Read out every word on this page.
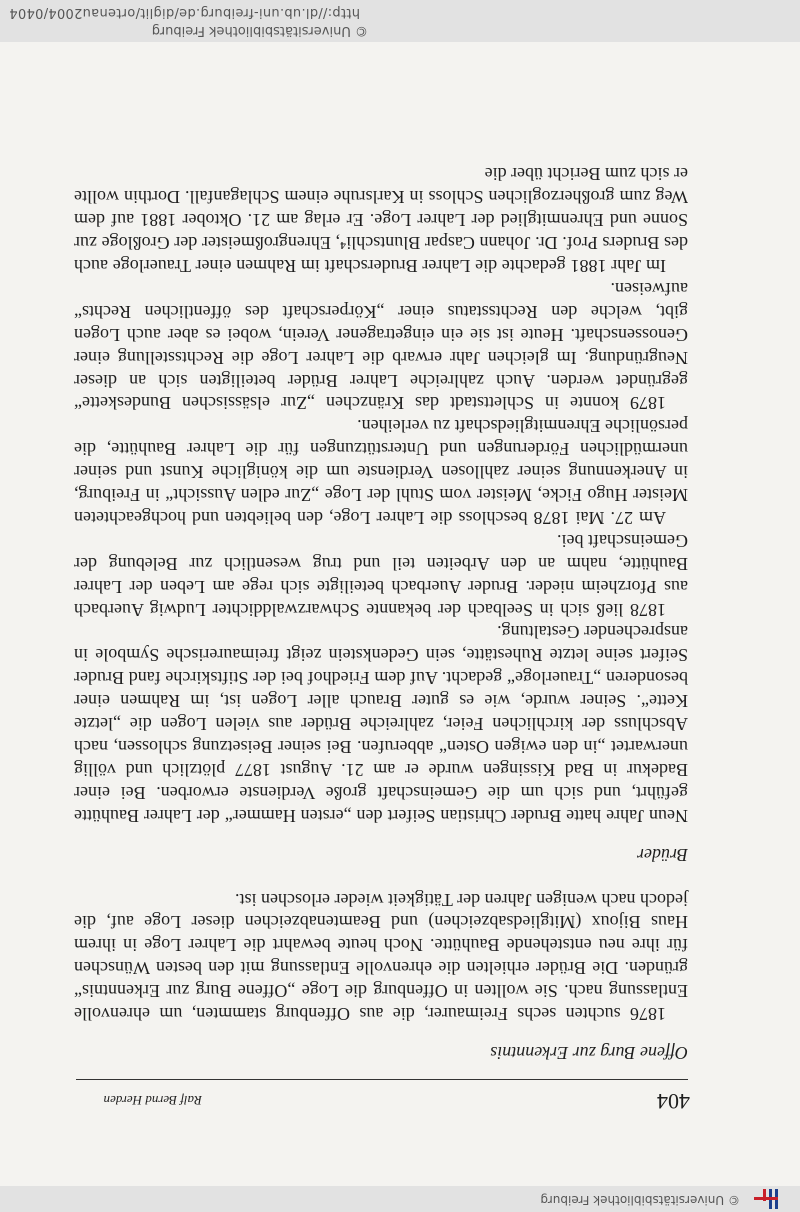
© Universitätsbibliothek Freiburg
404
Ralf Bernd Herden
Offene Burg zur Erkenntnis

1876 suchten sechs Freimaurer, die aus Offenburg stammten, um ehrenvolle Entlassung nach. Sie wollten in Offenburg die Loge „Offene Burg zur Erkenntnis“ gründen. Die Brüder erhielten die ehrenvolle Entlassung mit den besten Wünschen für ihre neu entstehende Bauhütte. Noch heute bewahrt die Lahrer Loge in ihrem Haus Bijoux (Mitgliedsabzeichen) und Beamtenabzeichen dieser Loge auf, die jedoch nach wenigen Jahren der Tätigkeit wieder erloschen ist.

Brüder

Neun Jahre hatte Bruder Christian Seifert den „ersten Hammer“ der Lahrer Bauhütte geführt, und sich um die Gemeinschaft große Verdienste erworben. Bei einer Badekur in Bad Kissingen wurde er am 21. August 1877 plötzlich und völlig unerwartet „in den ewigen Osten“ abberufen. Bei seiner Beisetzung schlossen, nach Abschluss der kirchlichen Feier, zahlreiche Brüder aus vielen Logen die „letzte Kette“. Seiner wurde, wie es guter Brauch aller Logen ist, im Rahmen einer besonderen „Trauerloge“ gedacht. Auf dem Friedhof bei der Stiftskirche fand Bruder Seifert seine letzte Ruhestätte, sein Gedenkstein zeigt freimaurerische Symbole in ansprechender Gestaltung.

1878 ließ sich in Seelbach der bekannte Schwarzwalddichter Ludwig Auerbach aus Pforzheim nieder. Bruder Auerbach beteiligte sich rege am Leben der Lahrer Bauhütte, nahm an den Arbeiten teil und trug wesentlich zur Belebung der Gemeinschaft bei.

Am 27. Mai 1878 beschloss die Lahrer Loge, den beliebten und hochgeachteten Meister Hugo Ficke, Meister vom Stuhl der Loge „Zur edlen Aussicht“ in Freiburg, in Anerkennung seiner zahllosen Verdienste um die königliche Kunst und seiner unermüdlichen Förderungen und Unterstützungen für die Lahrer Bauhütte, die persönliche Ehrenmitgliedschaft zu verleihen.

1879 konnte in Schlettstadt das Kränzchen „Zur elsässischen Bundeskette“ gegründet werden. Auch zahlreiche Lahrer Brüder beteiligten sich an dieser Neugründung. Im gleichen Jahr erwarb die Lahrer Loge die Rechtsstellung einer Genossenschaft. Heute ist sie ein eingetragener Verein, wobei es aber auch Logen gibt, welche den Rechtsstatus einer „Körperschaft des öffentlichen Rechts“ aufweisen.

Im Jahr 1881 gedachte die Lahrer Bruderschaft im Rahmen einer Trauerloge auch des Bruders Prof. Dr. Johann Caspar Bluntschli⁴, Ehrengroßmeister der Großloge zur Sonne und Ehrenmitglied der Lahrer Loge. Er erlag am 21. Oktober 1881 auf dem Weg zum großherzoglichen Schloss in Karlsruhe einem Schlaganfall. Dorthin wollte er sich zum Bericht über die

© Universitätsbibliothek Freiburg
http://dl.ub.uni-freiburg.de/diglit/ortenau2004/0404
